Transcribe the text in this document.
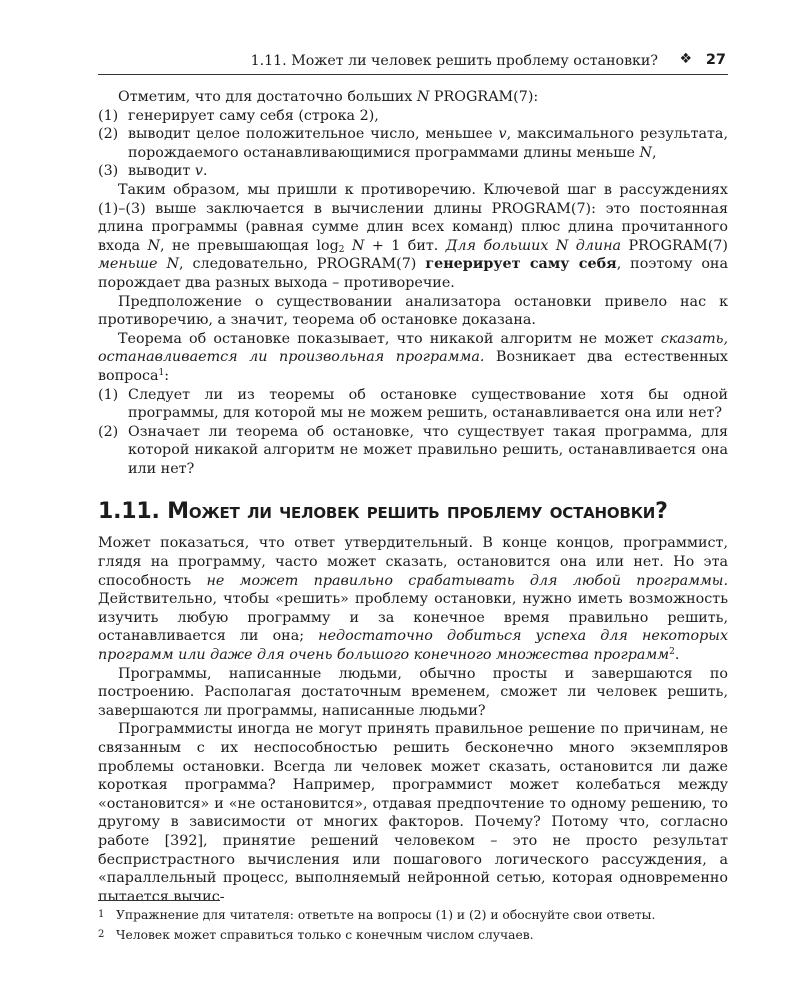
1.11. Может ли человек решить проблему остановки? ❖ 27

Отметим, что для достаточно больших N PROGRAM(7):

(1) генерирует саму себя (строка 2),
(2) выводит целое положительное число, меньшее v, максимального результата, порождаемого останавливающимися программами длины меньше N,
(3) выводит v.

Таким образом, мы пришли к противоречию. Ключевой шаг в рассуждениях (1)–(3) выше заключается в вычислении длины PROGRAM(7): это постоянная длина программы (равная сумме длин всех команд) плюс длина прочитанного входа N, не превышающая $\log_2 N + 1$ бит. Для больших N длина PROGRAM(7) меньше N, следовательно, PROGRAM(7) генерирует саму себя, поэтому она порождает два разных выхода – противоречие.

Предположение о существовании анализатора остановки привело нас к противоречию, а значит, теорема об остановке доказана.

Теорема об остановке показывает, что никакой алгоритм не может сказать, останавливается ли произвольная программа. Возникает два естественных вопроса$^1$:

(1) Следует ли из теоремы об остановке существование хотя бы одной программы, для которой мы не можем решить, останавливается она или нет?
(2) Означает ли теорема об остановке, что существует такая программа, для которой никакой алгоритм не может правильно решить, останавливается она или нет?
1.11. Может ли человек решить проблему остановки?

Может показаться, что ответ утвердительный. В конце концов, программист, глядя на программу, часто может сказать, остановится она или нет. Но эта способность не может правильно срабатывать для любой программы. Действительно, чтобы «решить» проблему остановки, нужно иметь возможность изучить любую программу и за конечное время правильно решить, останавливается ли она; недостаточно добиться успеха для некоторых программ или даже для очень большого конечного множества программ$^2$.

Программы, написанные людьми, обычно просты и завершаются по построению. Располагая достаточным временем, сможет ли человек решить, завершаются ли программы, написанные людьми?

Программисты иногда не могут принять правильное решение по причинам, не связанным с их неспособностью решить бесконечно много экземпляров проблемы остановки. Всегда ли человек может сказать, остановится ли даже короткая программа? Например, программист может колебаться между «остановится» и «не остановится», отдавая предпочтение то одному решению, то другому в зависимости от многих факторов. Почему? Потому что, согласно работе [392], принятие решений человеком – это не просто результат беспристрастного вычисления или пошагового логического рассуждения, а «параллельный процесс, выполняемый нейронной сетью, которая одновременно пытается вычис-

1 Упражнение для читателя: ответьте на вопросы (1) и (2) и обоснуйте свои ответы.
2 Человек может справиться только с конечным числом случаев.
